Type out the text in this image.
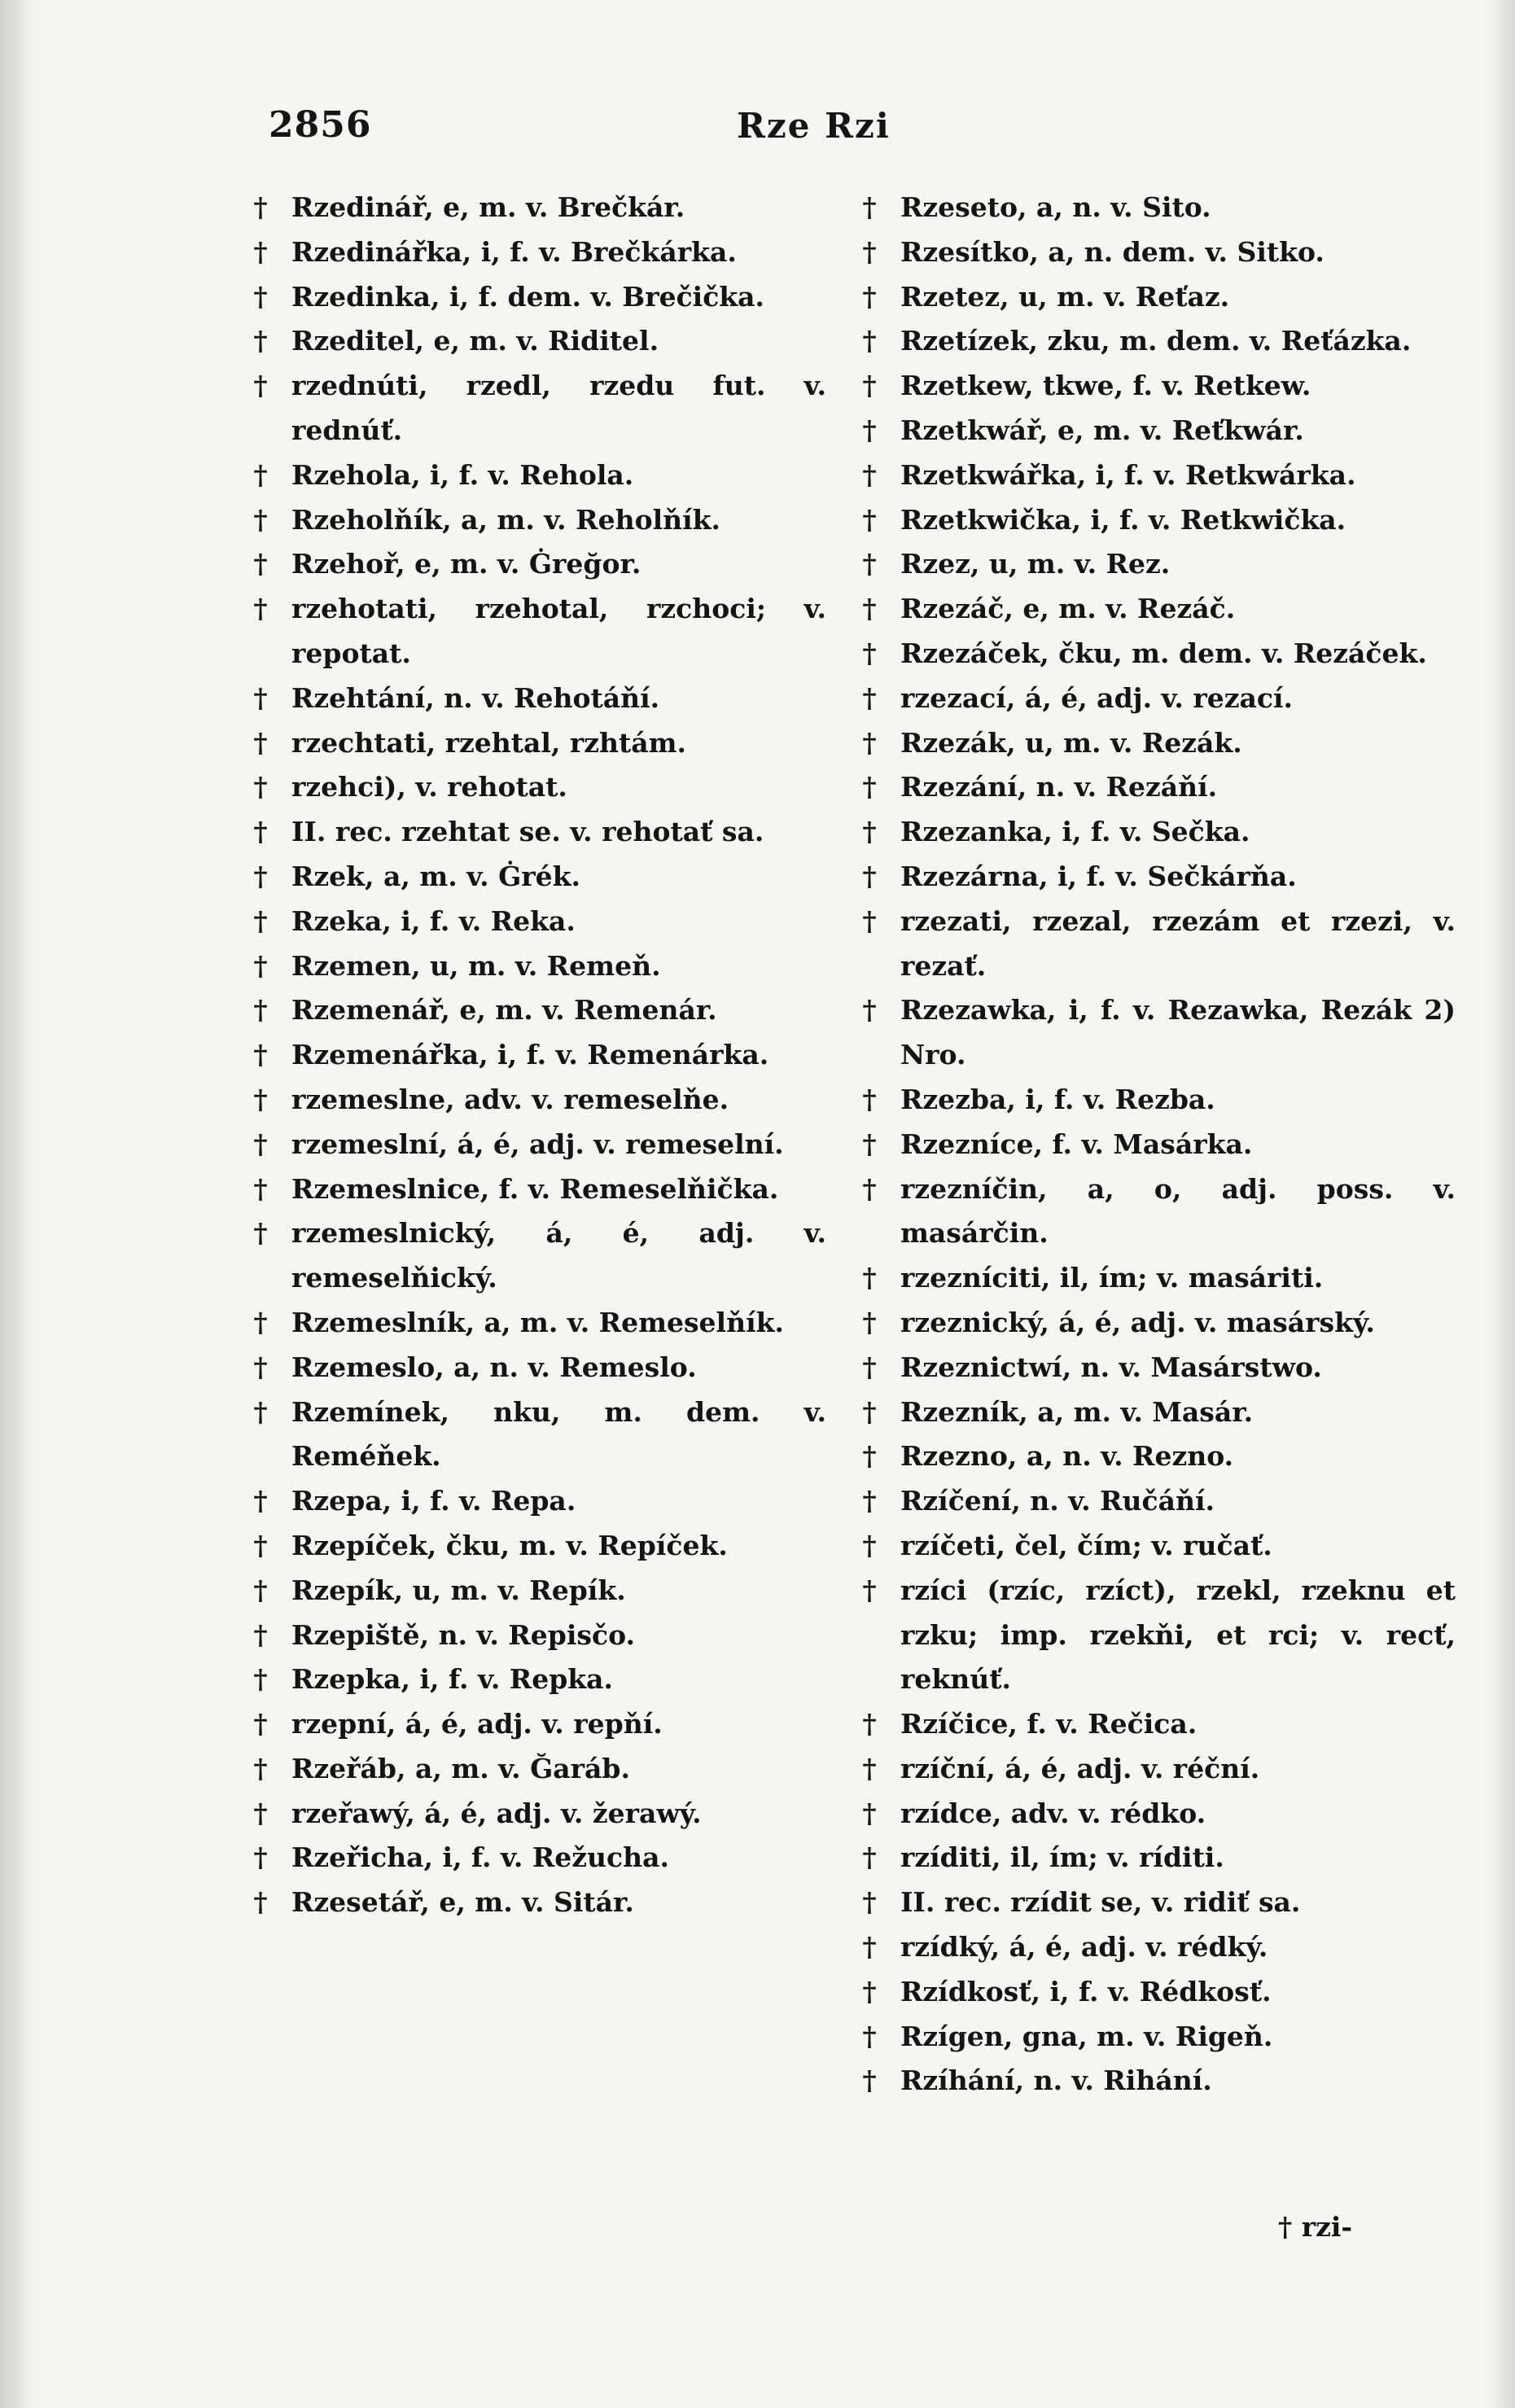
2856	Rze Rzi
† Rzedinář, e, m. v. Brečkár.
† Rzedinářka, i, f. v. Brečkárka.
† Rzedinka, i, f. dem. v. Brečička.
† Rzeditel, e, m. v. Riditel.
† rzednúti, rzedl, rzedu fut. v. rednúť.
† Rzehola, i, f. v. Rehola.
† Rzeholňík, a, m. v. Reholňík.
† Rzehoř, e, m. v. Ġreğor.
† rzehotati, rzehotal, rzchoci; v. repotat.
† Rzehtání, n. v. Rehotáňí.
† rzechtati, rzehtal, rzhtám.
† rzehci), v. rehotat.
† II. rec. rzehtat se. v. rehotať sa.
† Rzek, a, m. v. Ġrék.
† Rzeka, i, f. v. Reka.
† Rzemen, u, m. v. Remeň.
† Rzemenář, e, m. v. Remenár.
† Rzemenářka, i, f. v. Remenárka.
† rzemeslne, adv. v. remeselňe.
† rzemeslní, á, é, adj. v. remeselní.
† Rzemeslnice, f. v. Remeselňička.
† rzemeslnický, á, é, adj. v. remeselňický.
† Rzemeslník, a, m. v. Remeselňík.
† Rzemeslo, a, n. v. Remeslo.
† Rzemínek, nku, m. dem. v. Reméňek.
† Rzepa, i, f. v. Repa.
† Rzepíček, čku, m. v. Repíček.
† Rzepík, u, m. v. Repík.
† Rzepiště, n. v. Repisčo.
† Rzepka, i, f. v. Repka.
† rzepní, á, é, adj. v. repňí.
† Rzeřáb, a, m. v. Ğaráb.
† rzeřawý, á, é, adj. v. žerawý.
† Rzeřicha, i, f. v. Režucha.
† Rzesetář, e, m. v. Sitár.
† Rzeseto, a, n. v. Sito.
† Rzesítko, a, n. dem. v. Sitko.
† Rzetez, u, m. v. Reťaz.
† Rzetízek, zku, m. dem. v. Reťázka.
† Rzetkew, tkwe, f. v. Retkew.
† Rzetkwář, e, m. v. Reťkwár.
† Rzetkwářka, i, f. v. Retkwárka.
† Rzetkwička, i, f. v. Retkwička.
† Rzez, u, m. v. Rez.
† Rzezáč, e, m. v. Rezáč.
† Rzezáček, čku, m. dem. v. Rezáček.
† rzezací, á, é, adj. v. rezací.
† Rzezák, u, m. v. Rezák.
† Rzezání, n. v. Rezáňí.
† Rzezanka, i, f. v. Sečka.
† Rzezárna, i, f. v. Sečkárňa.
† rzezati, rzezal, rzezám et rzezi, v. rezať.
† Rzezawka, i, f. v. Rezawka, Rezák 2) Nro.
† Rzezba, i, f. v. Rezba.
† Rzezníce, f. v. Masárka.
† rzezníčin, a, o, adj. poss. v. masárčin.
† rzezníciti, il, ím; v. masáriti.
† rzeznický, á, é, adj. v. masárský.
† Rzeznictwí, n. v. Masárstwo.
† Rzezník, a, m. v. Masár.
† Rzezno, a, n. v. Rezno.
† Rzíčení, n. v. Ručáňí.
† rzíčeti, čel, čím; v. ručať.
† rzíci (rzíc, rzíct), rzekl, rzeknu et rzku; imp. rzekňi, et rci; v. recť, reknúť.
† Rzíčice, f. v. Rečica.
† rzíční, á, é, adj. v. réční.
† rzídce, adv. v. rédko.
† rzíditi, il, ím; v. ríditi.
† II. rec. rzídit se, v. ridiť sa.
† rzídký, á, é, adj. v. rédký.
† Rzídkosť, i, f. v. Rédkosť.
† Rzígen, gna, m. v. Rigeň.
† Rzíhání, n. v. Rihání.
† rzi-
